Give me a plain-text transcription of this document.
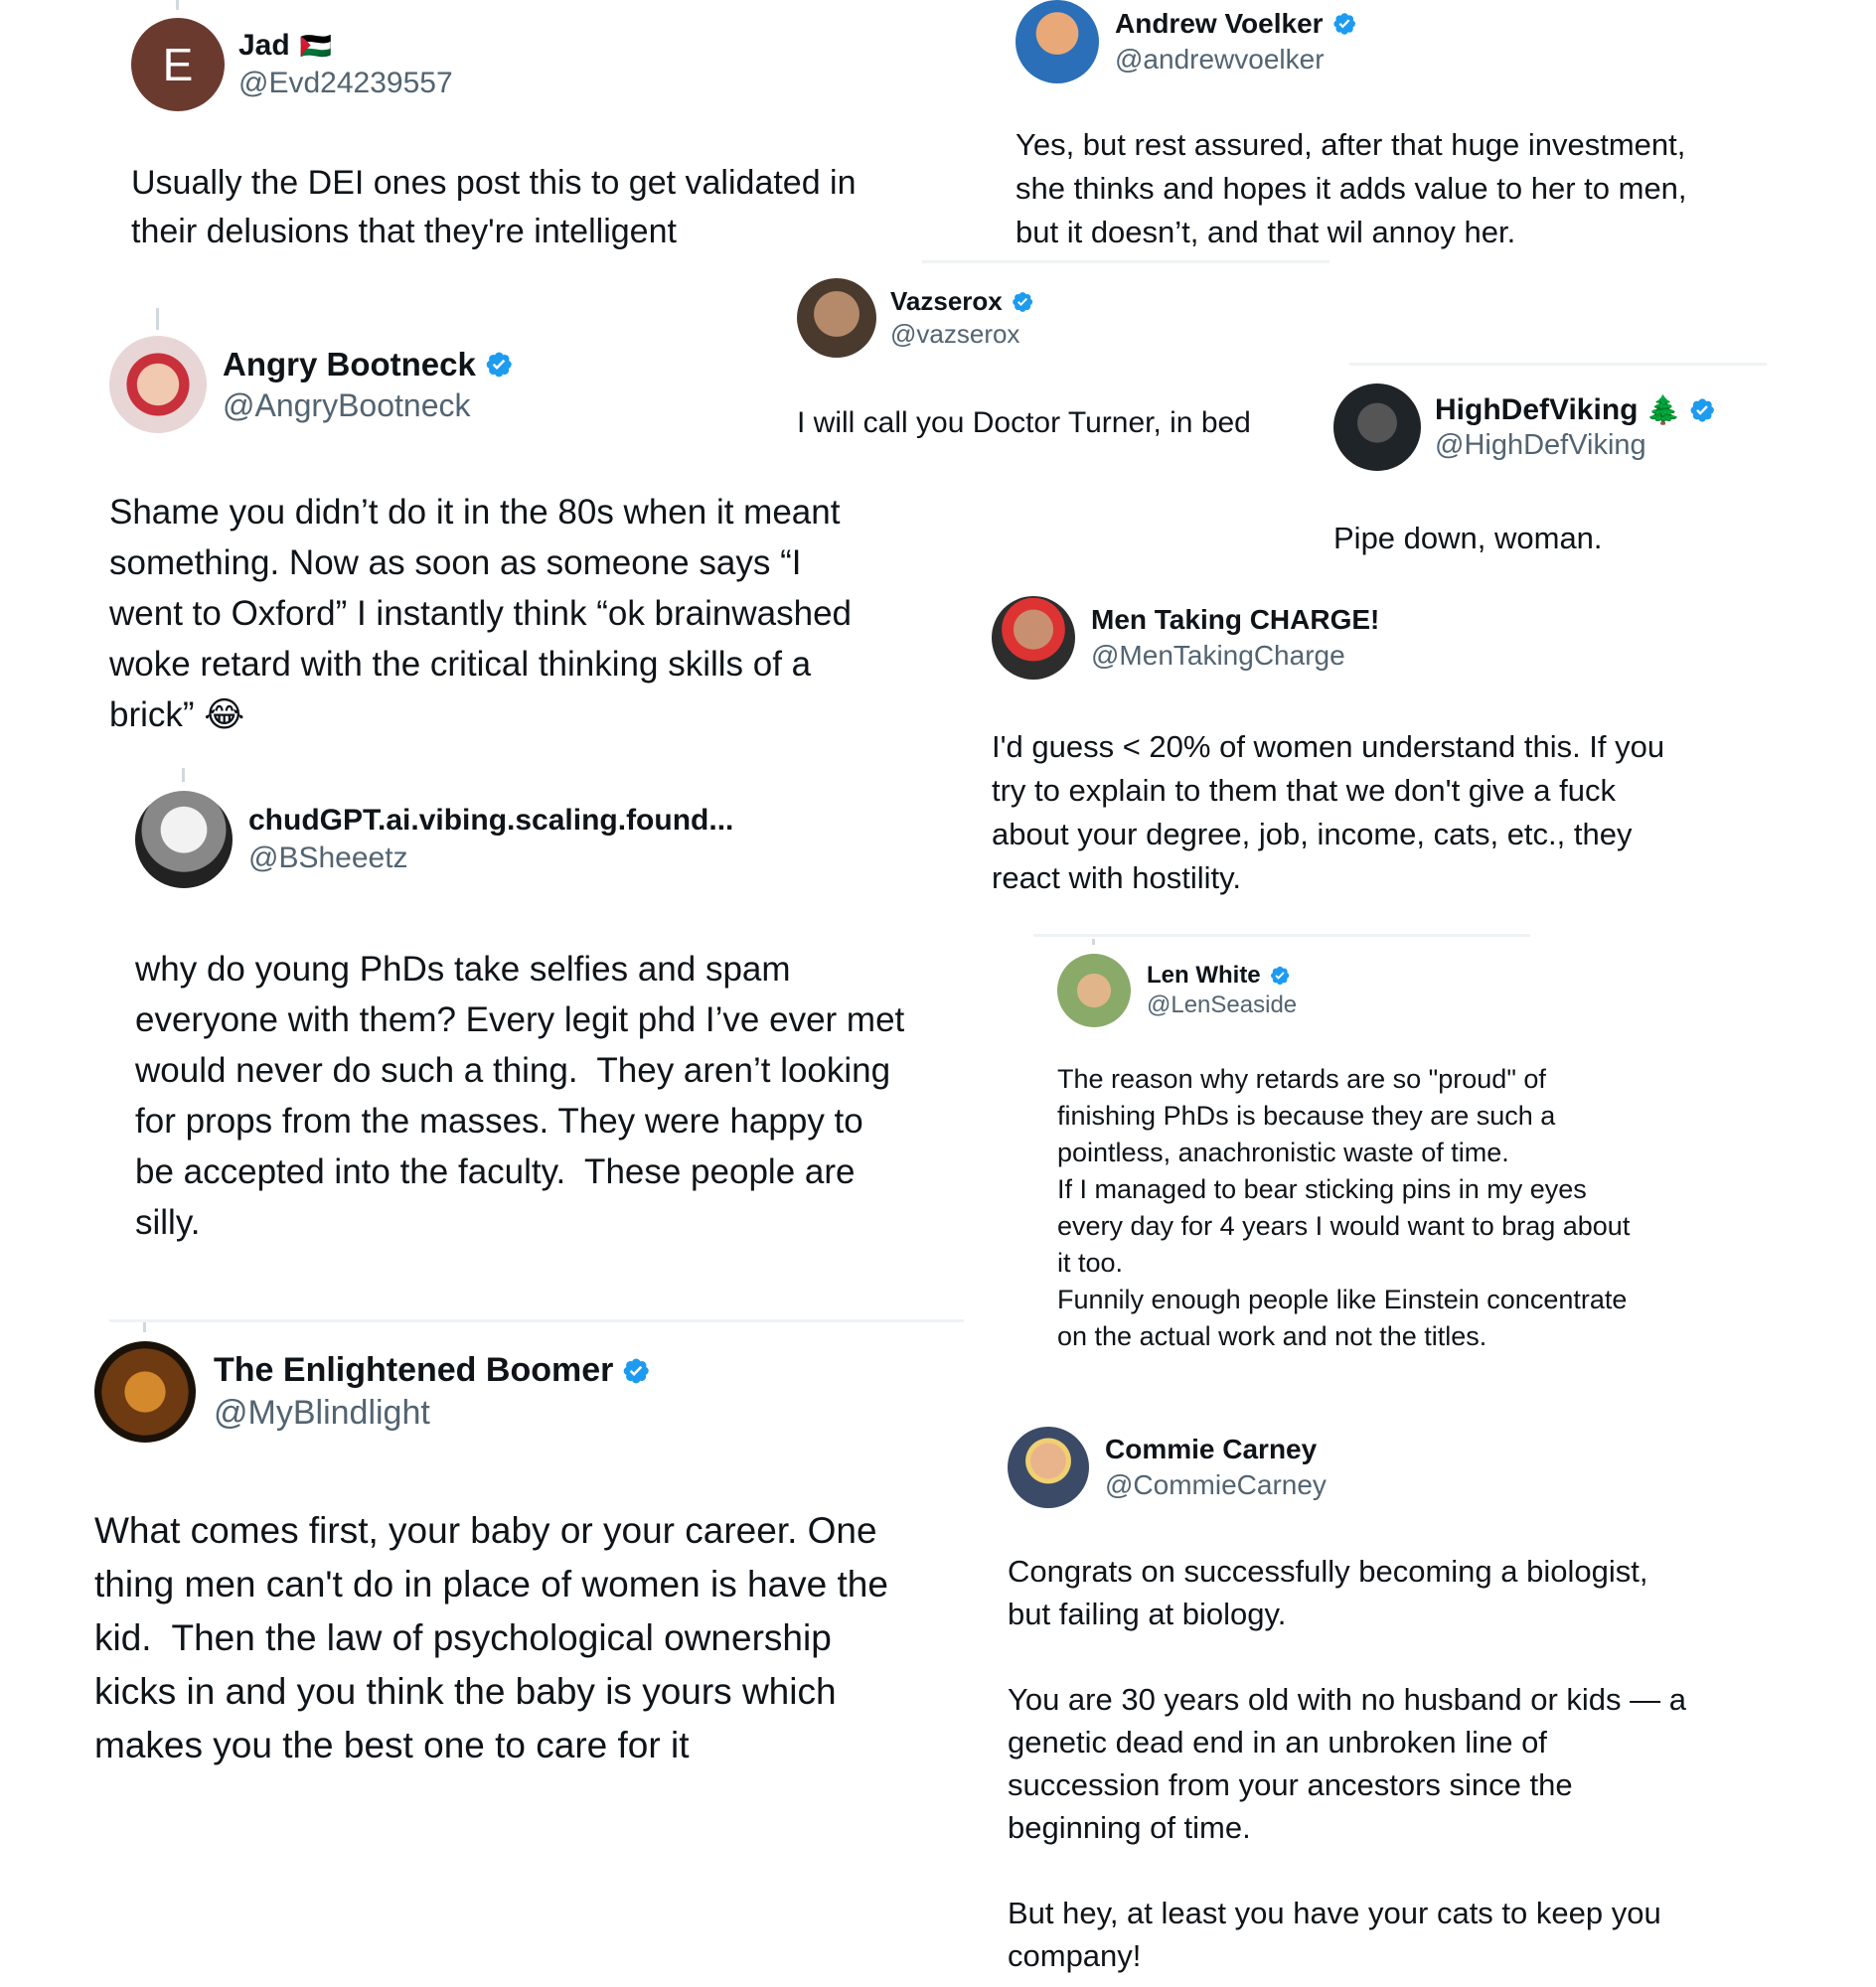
E Jad 🇵🇸
@Evd24239557
Usually the DEI ones post this to get validated in
their delusions that they're intelligent
Andrew Voelker
@andrewvoelker
Yes, but rest assured, after that huge investment,
she thinks and hopes it adds value to her to men,
but it doesn’t, and that wil annoy her.
Vazserox
@vazserox
I will call you Doctor Turner, in bed
Angry Bootneck
@AngryBootneck
Shame you didn’t do it in the 80s when it meant
something. Now as soon as someone says “I
went to Oxford” I instantly think “ok brainwashed
woke retard with the critical thinking skills of a
brick” 😂
HighDefViking 🌲
@HighDefViking
Pipe down, woman.
Men Taking CHARGE!
@MenTakingCharge
I'd guess < 20% of women understand this. If you
try to explain to them that we don't give a fuck
about your degree, job, income, cats, etc., they
react with hostility.
chudGPT.ai.vibing.scaling.found...
@BSheeetz
why do young PhDs take selfies and spam
everyone with them? Every legit phd I’ve ever met
would never do such a thing.  They aren’t looking
for props from the masses. They were happy to
be accepted into the faculty.  These people are
silly.
Len White
@LenSeaside
The reason why retards are so "proud" of
finishing PhDs is because they are such a
pointless, anachronistic waste of time.
If I managed to bear sticking pins in my eyes
every day for 4 years I would want to brag about
it too.
Funnily enough people like Einstein concentrate
on the actual work and not the titles.
The Enlightened Boomer
@MyBlindlight
What comes first, your baby or your career. One
thing men can't do in place of women is have the
kid.  Then the law of psychological ownership
kicks in and you think the baby is yours which
makes you the best one to care for it
Commie Carney
@CommieCarney
Congrats on successfully becoming a biologist,
but failing at biology.

You are 30 years old with no husband or kids — a
genetic dead end in an unbroken line of
succession from your ancestors since the
beginning of time.

But hey, at least you have your cats to keep you
company!
